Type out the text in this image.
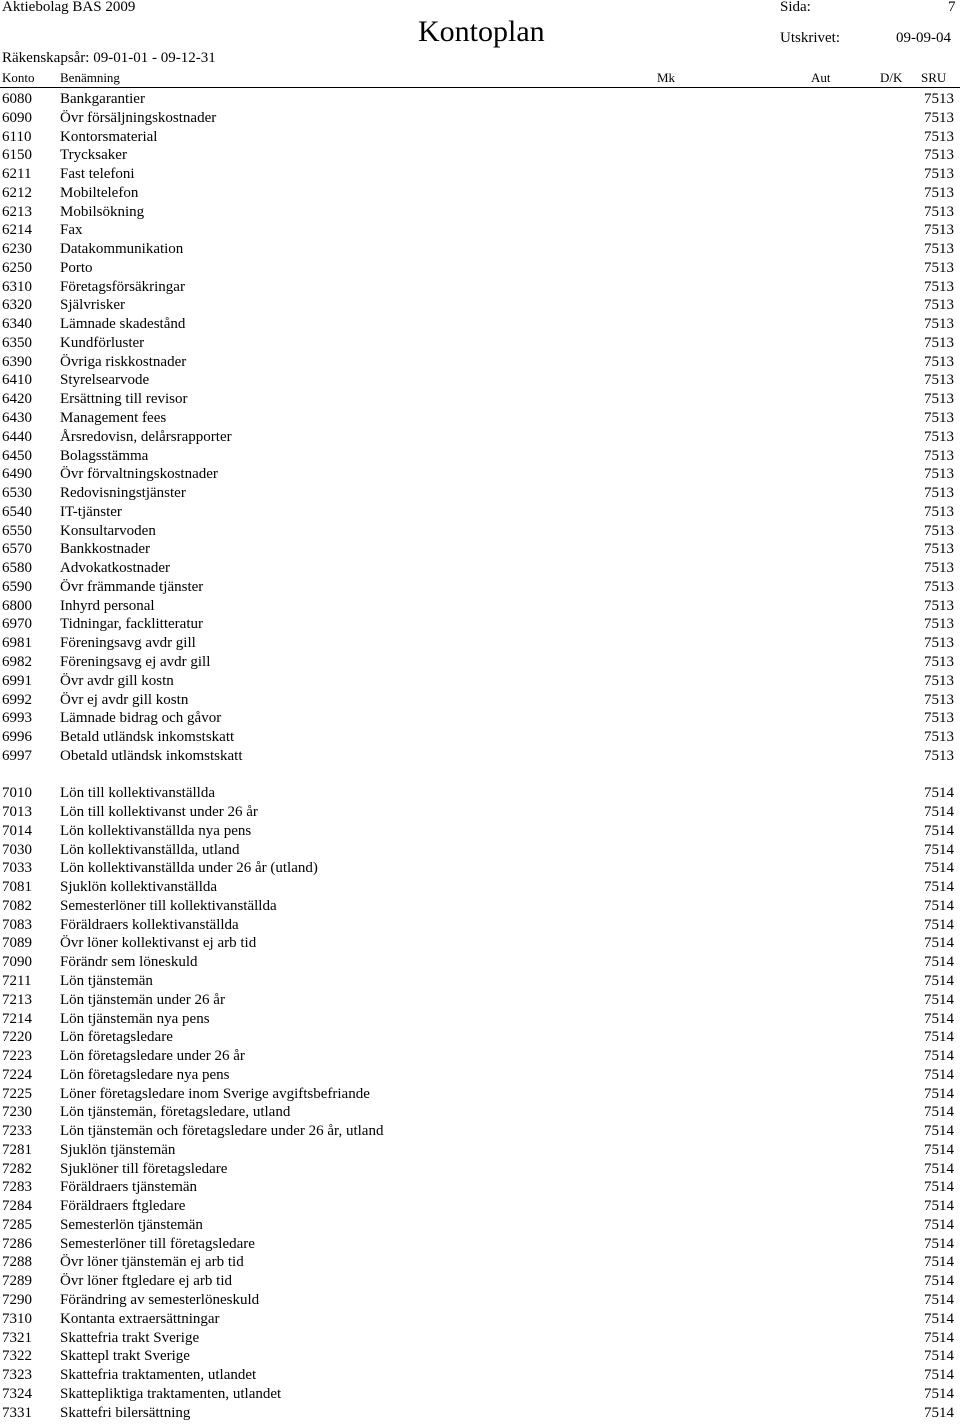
Aktiebolag BAS 2009
Räkenskapsår: 09-01-01 - 09-12-31
Kontoplan
Sida:	7
Utskrivet:	09-09-04
Konto Benämning	Mk	Aut	D/K SRU
6080 Bankgarantier	7513
6090 Övr försäljningskostnader	7513
6110 Kontorsmaterial	7513
6150 Trycksaker	7513
6211 Fast telefoni	7513
6212 Mobiltelefon	7513
6213 Mobilsökning	7513
6214 Fax	7513
6230 Datakommunikation	7513
6250 Porto	7513
6310 Företagsförsäkringar	7513
6320 Självrisker	7513
6340 Lämnade skadestånd	7513
6350 Kundförluster	7513
6390 Övriga riskkostnader	7513
6410 Styrelsearvode	7513
6420 Ersättning till revisor	7513
6430 Management fees	7513
6440 Årsredovisn, delårsrapporter	7513
6450 Bolagsstämma	7513
6490 Övr förvaltningskostnader	7513
6530 Redovisningstjänster	7513
6540 IT-tjänster	7513
6550 Konsultarvoden	7513
6570 Bankkostnader	7513
6580 Advokatkostnader	7513
6590 Övr främmande tjänster	7513
6800 Inhyrd personal	7513
6970 Tidningar, facklitteratur	7513
6981 Föreningsavg avdr gill	7513
6982 Föreningsavg ej avdr gill	7513
6991 Övr avdr gill kostn	7513
6992 Övr ej avdr gill kostn	7513
6993 Lämnade bidrag och gåvor	7513
6996 Betald utländsk inkomstskatt	7513
6997 Obetald utländsk inkomstskatt	7513
7010 Lön till kollektivanställda	7514
7013 Lön till kollektivanst under 26 år	7514
7014 Lön kollektivanställda nya pens	7514
7030 Lön kollektivanställda, utland	7514
7033 Lön kollektivanställda under 26 år (utland)	7514
7081 Sjuklön kollektivanställda	7514
7082 Semesterlöner till kollektivanställda	7514
7083 Föräldraers kollektivanställda	7514
7089 Övr löner kollektivanst ej arb tid	7514
7090 Förändr sem löneskuld	7514
7211 Lön tjänstemän	7514
7213 Lön tjänstemän under 26 år	7514
7214 Lön tjänstemän nya pens	7514
7220 Lön företagsledare	7514
7223 Lön företagsledare under 26 år	7514
7224 Lön företagsledare nya pens	7514
7225 Löner företagsledare inom Sverige avgiftsbefriande	7514
7230 Lön tjänstemän, företagsledare, utland	7514
7233 Lön tjänstemän och företagsledare under 26 år, utland	7514
7281 Sjuklön tjänstemän	7514
7282 Sjuklöner till företagsledare	7514
7283 Föräldraers tjänstemän	7514
7284 Föräldraers ftgledare	7514
7285 Semesterlön tjänstemän	7514
7286 Semesterlöner till företagsledare	7514
7288 Övr löner tjänstemän ej arb tid	7514
7289 Övr löner ftgledare ej arb tid	7514
7290 Förändring av semesterlöneskuld	7514
7310 Kontanta extraersättningar	7514
7321 Skattefria trakt Sverige	7514
7322 Skattepl trakt Sverige	7514
7323 Skattefria traktamenten, utlandet	7514
7324 Skattepliktiga traktamenten, utlandet	7514
7331 Skattefri bilersättning	7514
